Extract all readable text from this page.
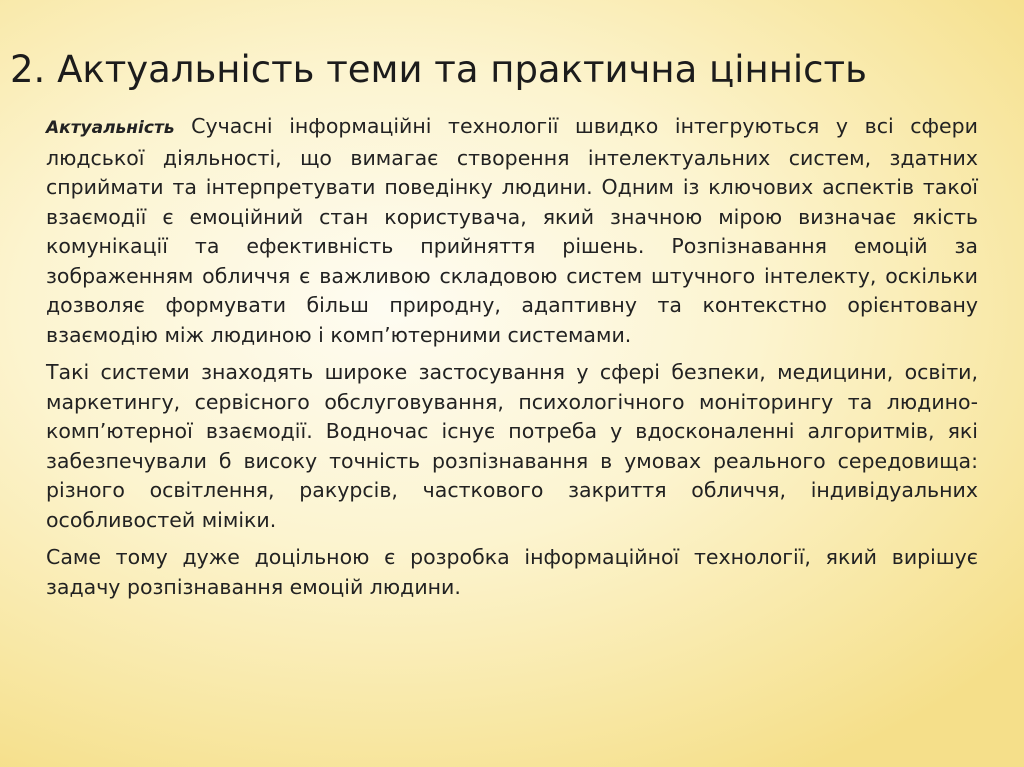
2. Актуальність теми та практична цінність

Актуальність Сучасні інформаційні технології швидко інтегруються у всі сфери людської діяльності, що вимагає створення інтелектуальних систем, здатних сприймати та інтерпретувати поведінку людини. Одним із ключових аспектів такої взаємодії є емоційний стан користувача, який значною мірою визначає якість комунікації та ефективність прийняття рішень. Розпізнавання емоцій за зображенням обличчя є важливою складовою систем штучного інтелекту, оскільки дозволяє формувати більш природну, адаптивну та контекстно орієнтовану взаємодію між людиною і комп’ютерними системами.

Такі системи знаходять широке застосування у сфері безпеки, медицини, освіти, маркетингу, сервісного обслуговування, психологічного моніторингу та людино-комп’ютерної взаємодії. Водночас існує потреба у вдосконаленні алгоритмів, які забезпечували б високу точність розпізнавання в умовах реального середовища: різного освітлення, ракурсів, часткового закриття обличчя, індивідуальних особливостей міміки.

Саме тому дуже доцільною є розробка інформаційної технології, який вирішує задачу розпізнавання емоцій людини.
